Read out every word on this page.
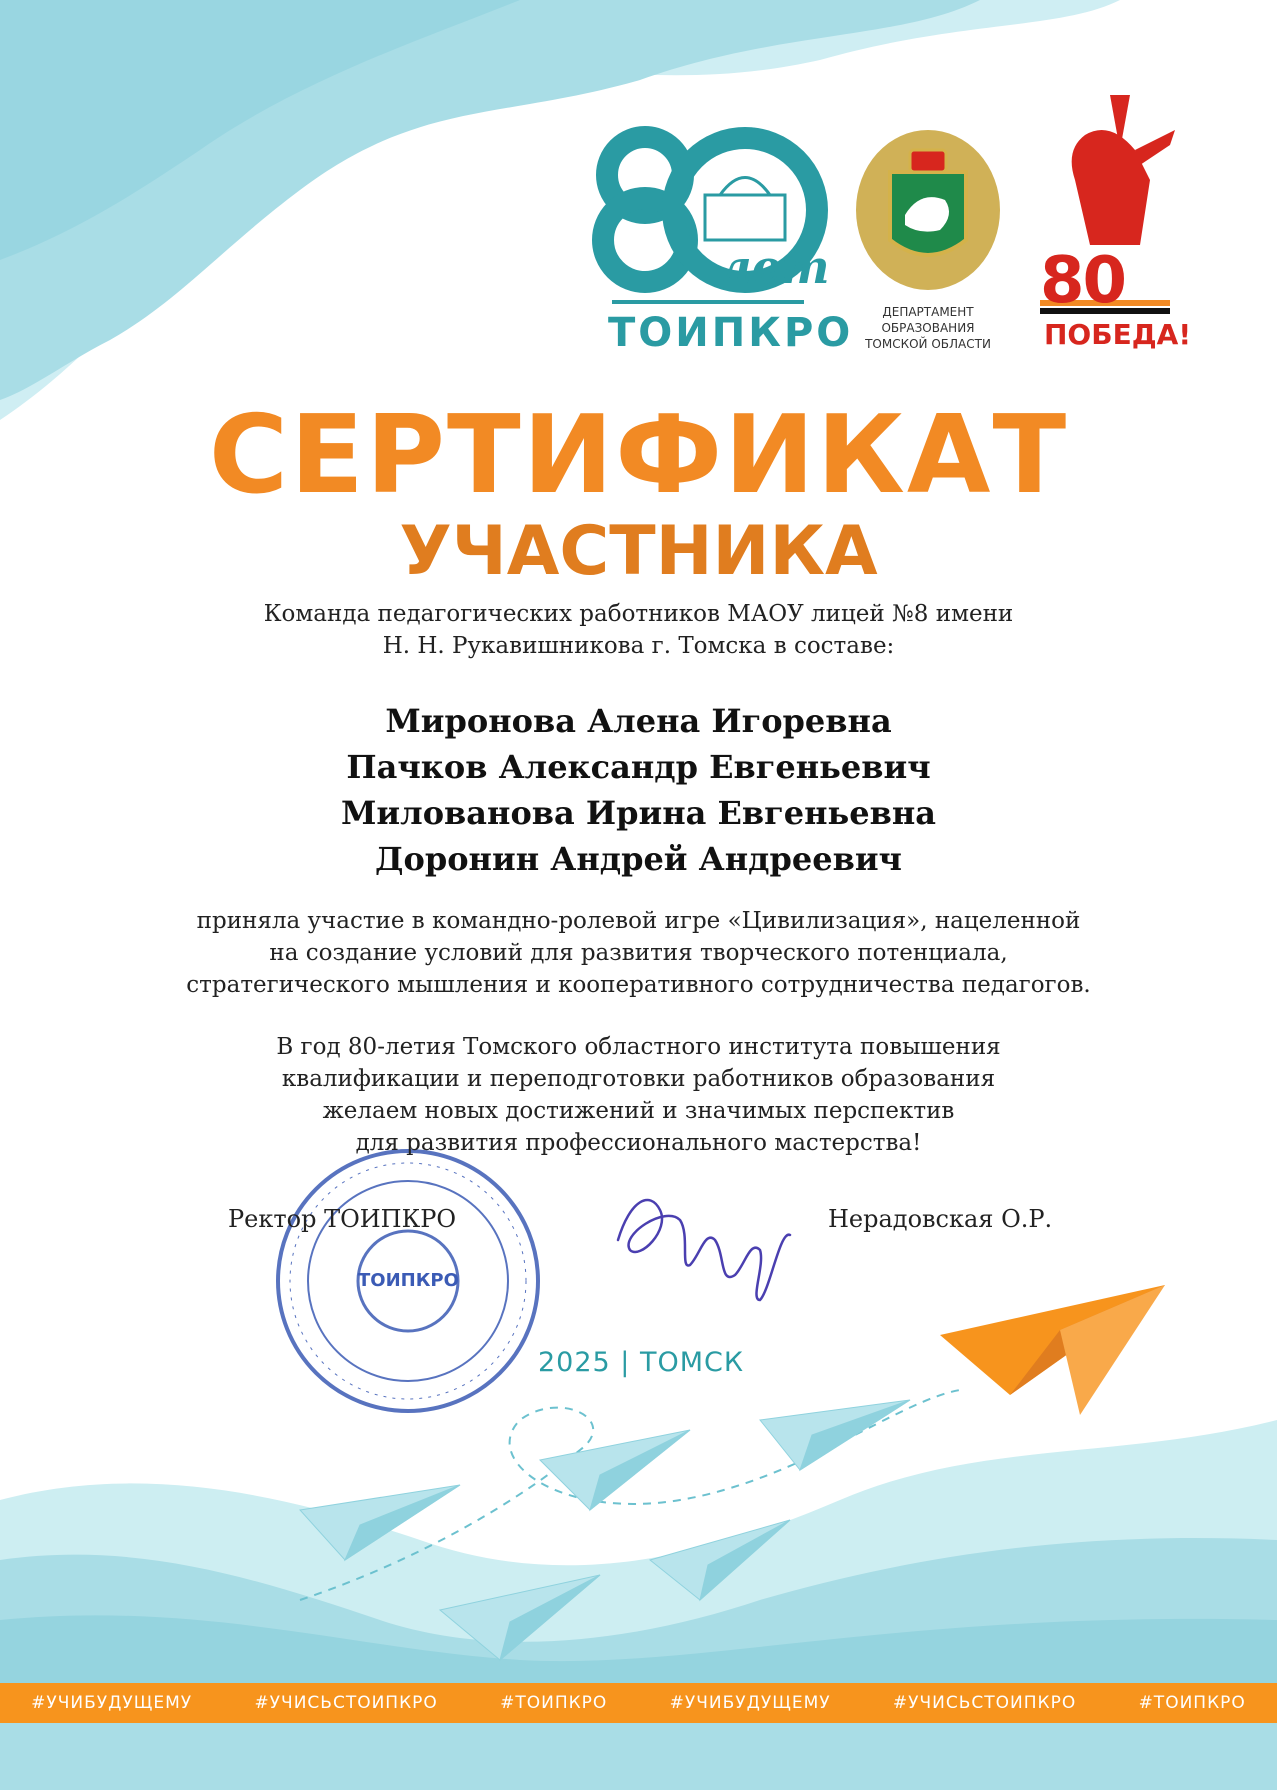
лет
ТОИПКРО	ДЕПАРТАМЕНТ
ОБРАЗОВАНИЯ
ТОМСКОЙ ОБЛАСТИ
80
ПОБЕДА!
СЕРТИФИКАТ
УЧАСТНИКА
Команда педагогических работников МАОУ лицей №8 имени
Н. Н. Рукавишникова г. Томска в составе:
Миронова Алена Игоревна
Пачков Александр Евгеньевич
Милованова Ирина Евгеньевна
Доронин Андрей Андреевич
приняла участие в командно-ролевой игре «Цивилизация», нацеленной
на создание условий для развития творческого потенциала,
стратегического мышления и кооперативного сотрудничества педагогов.
В год 80-летия Томского областного института повышения
квалификации и переподготовки работников образования
желаем новых достижений и значимых перспектив
для развития профессионального мастерства!
Ректор ТОИПКРО	Нерадовская О.Р.
ТОИПКРО
2025 | ТОМСК
#УЧИБУДУЩЕМУ	#УЧИСЬСТОИПКРО	#ТОИПКРО	#УЧИБУДУЩЕМУ	#УЧИСЬСТОИПКРО	#ТОИПКРО
